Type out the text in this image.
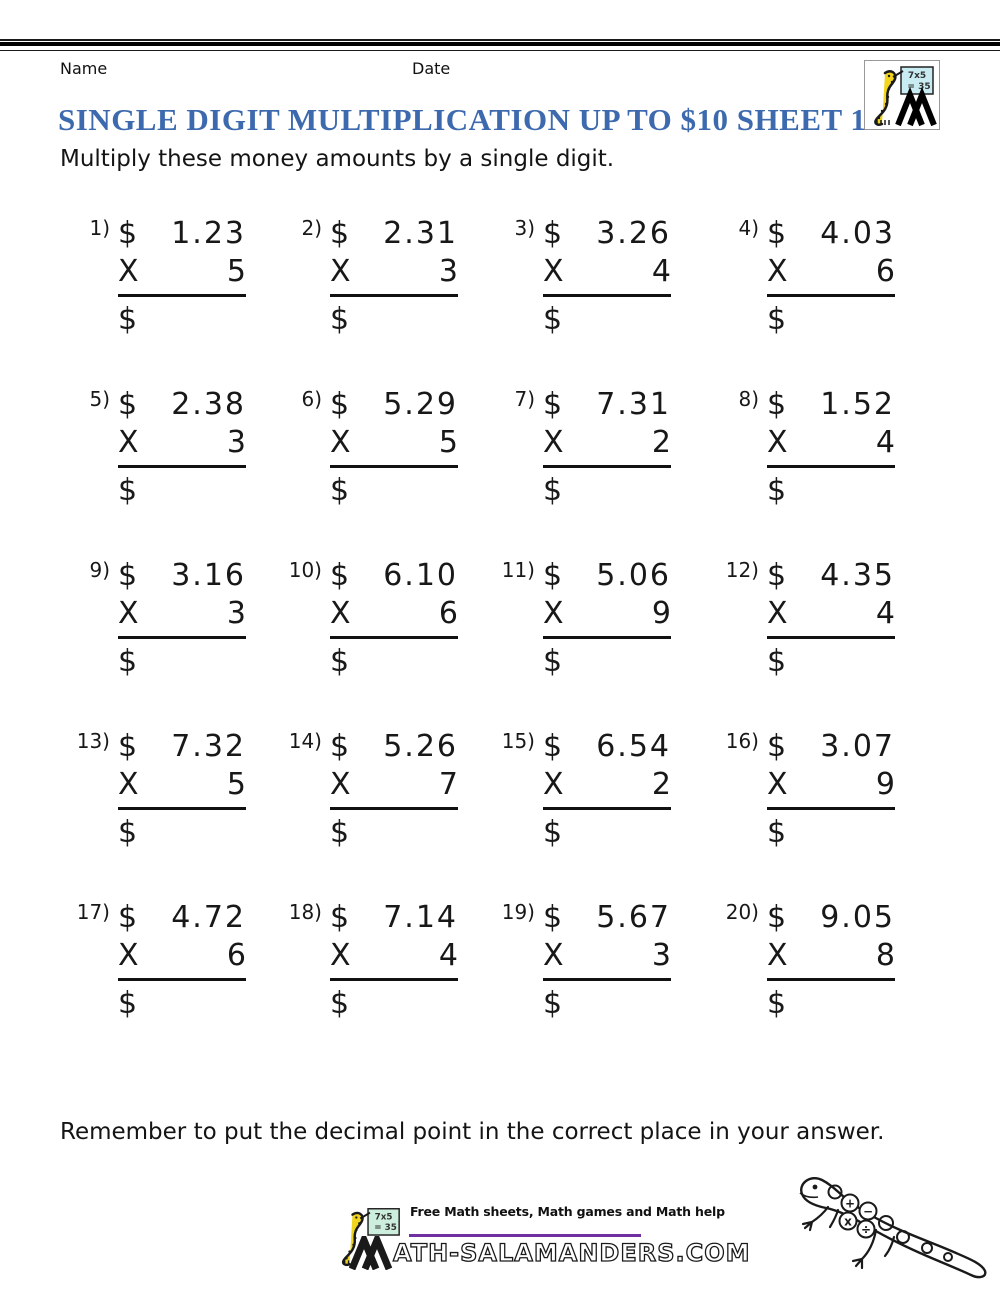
Name	Date	7x5
= 35
SINGLE DIGIT MULTIPLICATION UP TO $10 SHEET 1
Multiply these money amounts by a single digit.
1) $ 1.23
X	5
$
2) $ 2.31
X	3
$
3) $ 3.26
X	4
$
4) $ 4.03
X	6
$
5) $ 2.38
X	3
$
6) $ 5.29
X	5
$
7) $ 7.31
X	2
$
8) $ 1.52
X	4
$
9) $ 3.16
X	3
$
10) $ 6.10
X	6
$
11) $ 5.06
X	9
$
12) $ 4.35
X	4
$
13) $ 7.32
X	5
$
14) $ 5.26
X	7
$
15) $ 6.54
X	2
$
16) $ 3.07
X	9
$
17) $ 4.72
X	6
$
18) $ 7.14
X	4
$
19) $ 5.67
X	3
$
20) $ 9.05
X	8
$
Remember to put the decimal point in the correct place in your answer.
7x5
= 35
Free Math sheets, Math games and Math help
ATH-SALAMANDERS.COM
+
−
x
÷
